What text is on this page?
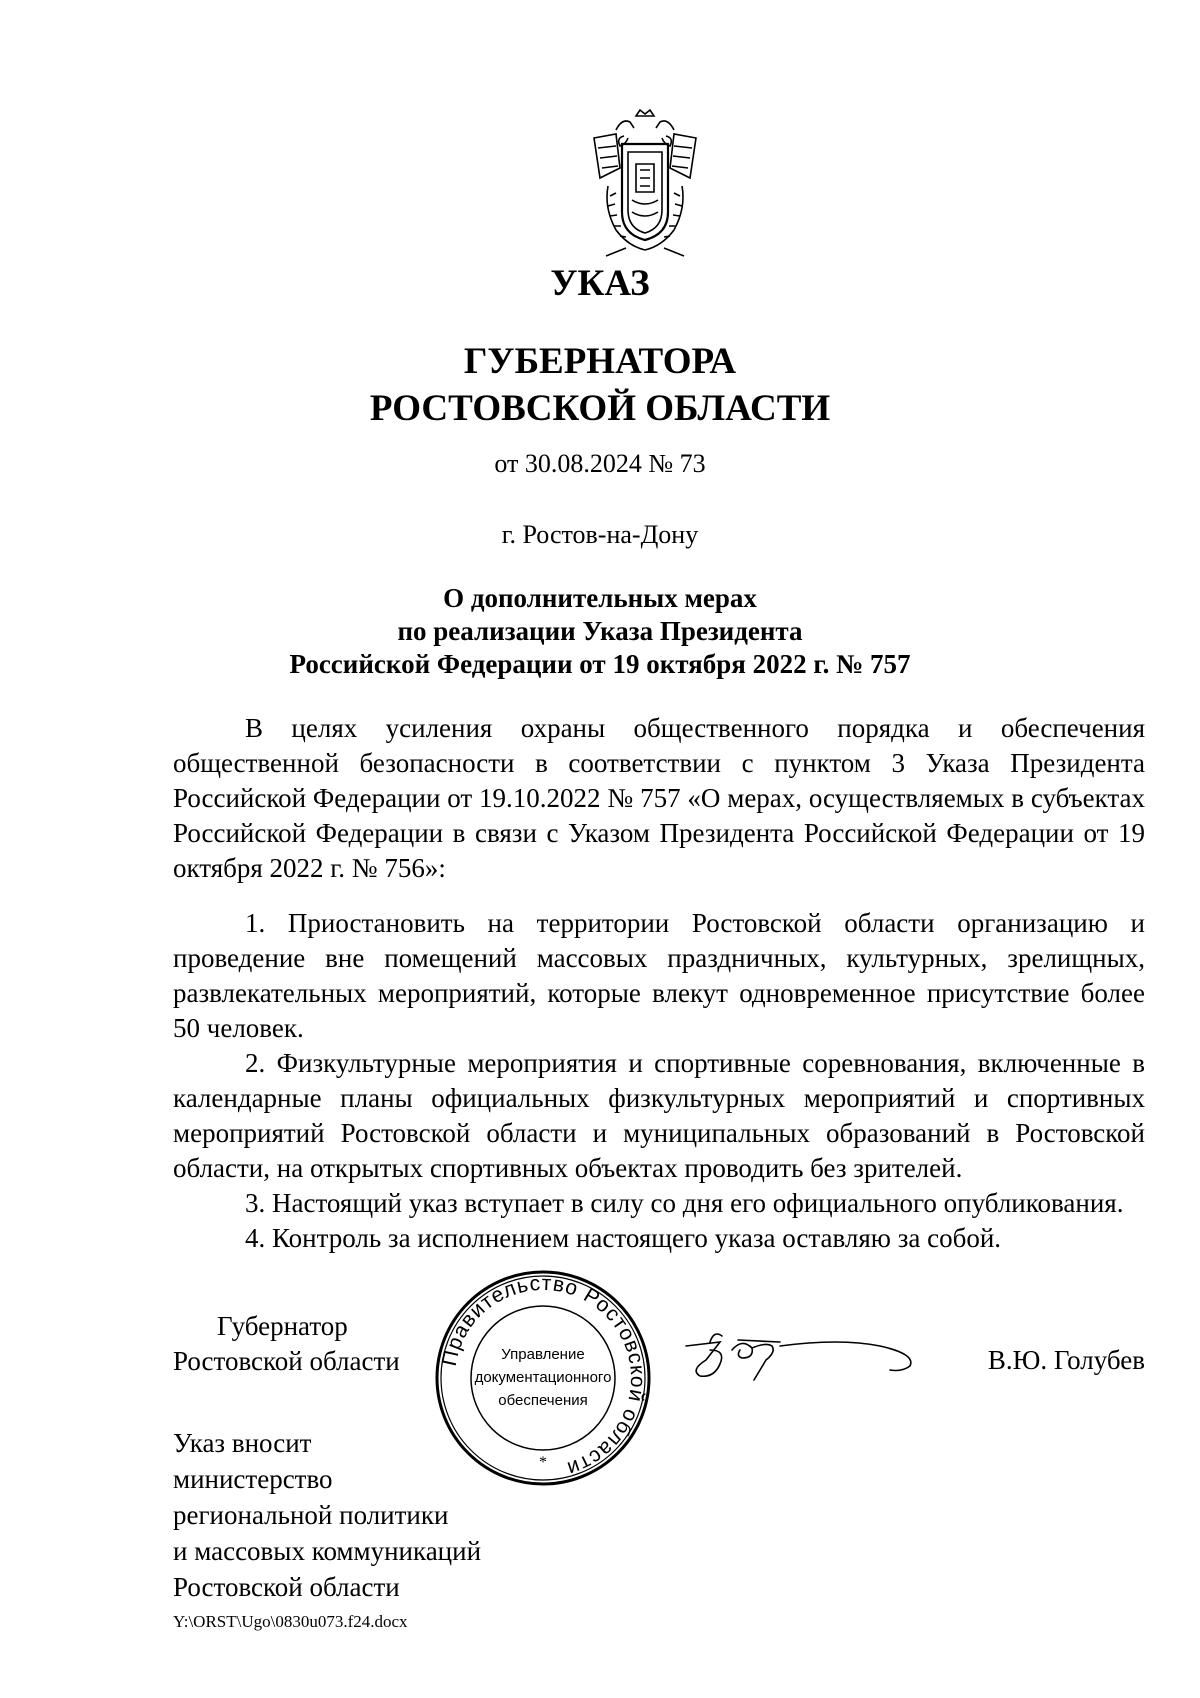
УКАЗ
ГУБЕРНАТОРА
РОСТОВСКОЙ ОБЛАСТИ
от 30.08.2024 № 73
г. Ростов-на-Дону
О дополнительных мерах
по реализации Указа Президента
Российской Федерации от 19 октября 2022 г. № 757

В целях усиления охраны общественного порядка и обеспечения общественной безопасности в соответствии с пунктом 3 Указа Президента Российской Федерации от 19.10.2022 № 757 «О мерах, осуществляемых в субъектах Российской Федерации в связи с Указом Президента Российской Федерации от 19 октября 2022 г. № 756»:

1. Приостановить на территории Ростовской области организацию и проведение вне помещений массовых праздничных, культурных, зрелищных, развлекательных мероприятий, которые влекут одновременное присутствие более 50 человек.

2. Физкультурные мероприятия и спортивные соревнования, включенные в календарные планы официальных физкультурных мероприятий и спортивных мероприятий Ростовской области и муниципальных образований в Ростовской области, на открытых спортивных объектах проводить без зрителей.

3. Настоящий указ вступает в силу со дня его официального опубликования.

4. Контроль за исполнением настоящего указа оставляю за собой.

Губернатор
Ростовской области Правительство Ростовской области
Управление
документационного
обеспечения
*
В.Ю. Голубев
Указ вносит
министерство
региональной политики
и массовых коммуникаций
Ростовской области
Y:\ORST\Ugo\0830u073.f24.docx
